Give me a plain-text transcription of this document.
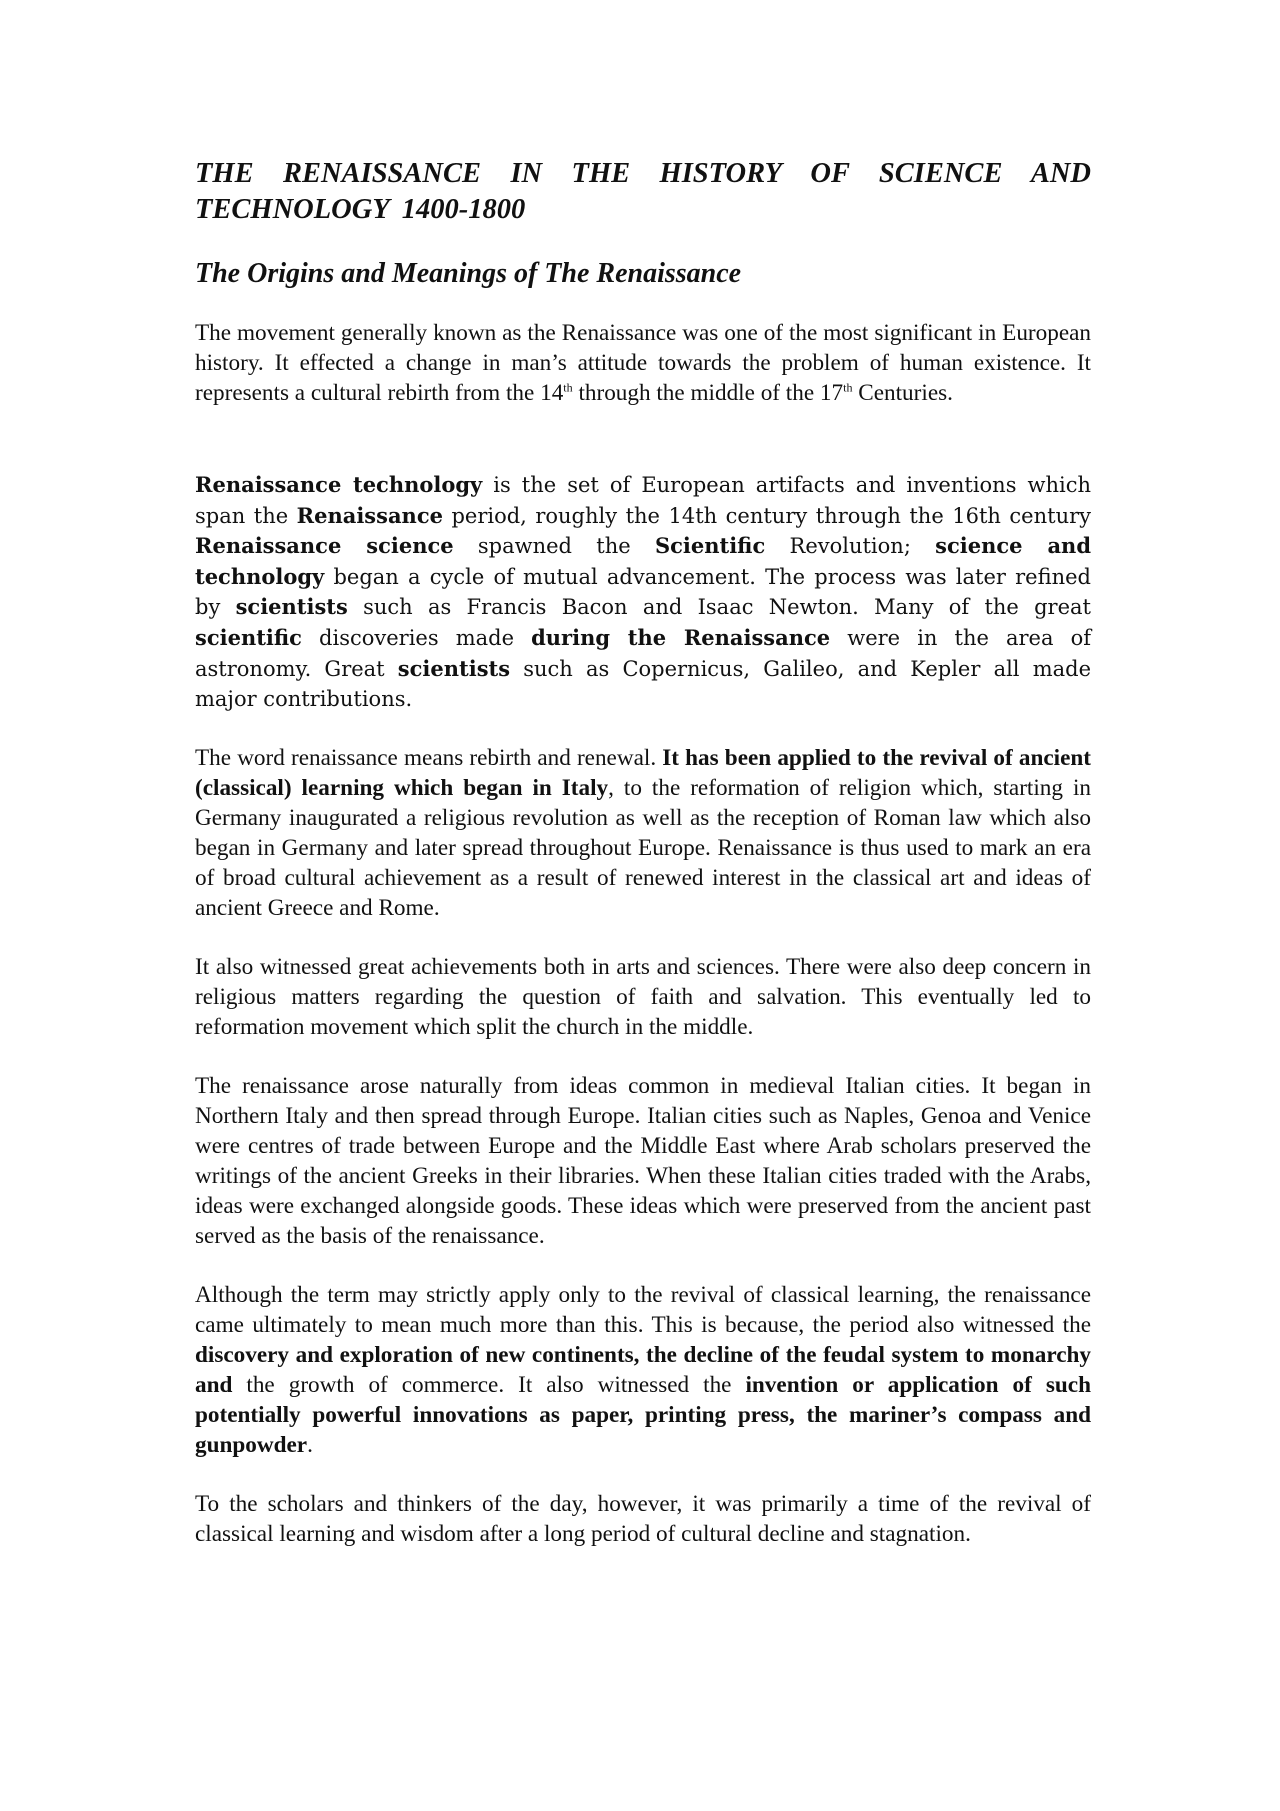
THE RENAISSANCE IN THE HISTORY OF SCIENCE AND TECHNOLOGY 1400-1800
The Origins and Meanings of The Renaissance

The movement generally known as the Renaissance was one of the most significant in European history. It effected a change in man’s attitude towards the problem of human existence. It represents a cultural rebirth from the 14th through the middle of the 17th Centuries.

Renaissance technology is the set of European artifacts and inventions which span the Renaissance period, roughly the 14th century through the 16th century Renaissance science spawned the Scientific Revolution; science and technology began a cycle of mutual advancement. The process was later refined by scientists such as Francis Bacon and Isaac Newton. Many of the great scientific discoveries made during the Renaissance were in the area of astronomy. Great scientists such as Copernicus, Galileo, and Kepler all made major contributions.

The word renaissance means rebirth and renewal. It has been applied to the revival of ancient (classical) learning which began in Italy, to the reformation of religion which, starting in Germany inaugurated a religious revolution as well as the reception of Roman law which also began in Germany and later spread throughout Europe. Renaissance is thus used to mark an era of broad cultural achievement as a result of renewed interest in the classical art and ideas of ancient Greece and Rome.

It also witnessed great achievements both in arts and sciences. There were also deep concern in religious matters regarding the question of faith and salvation. This eventually led to reformation movement which split the church in the middle.

The renaissance arose naturally from ideas common in medieval Italian cities. It began in Northern Italy and then spread through Europe. Italian cities such as Naples, Genoa and Venice were centres of trade between Europe and the Middle East where Arab scholars preserved the writings of the ancient Greeks in their libraries. When these Italian cities traded with the Arabs, ideas were exchanged alongside goods. These ideas which were preserved from the ancient past served as the basis of the renaissance.

Although the term may strictly apply only to the revival of classical learning, the renaissance came ultimately to mean much more than this. This is because, the period also witnessed the discovery and exploration of new continents, the decline of the feudal system to monarchy and the growth of commerce. It also witnessed the invention or application of such potentially powerful innovations as paper, printing press, the mariner’s compass and gunpowder.

To the scholars and thinkers of the day, however, it was primarily a time of the revival of classical learning and wisdom after a long period of cultural decline and stagnation.
